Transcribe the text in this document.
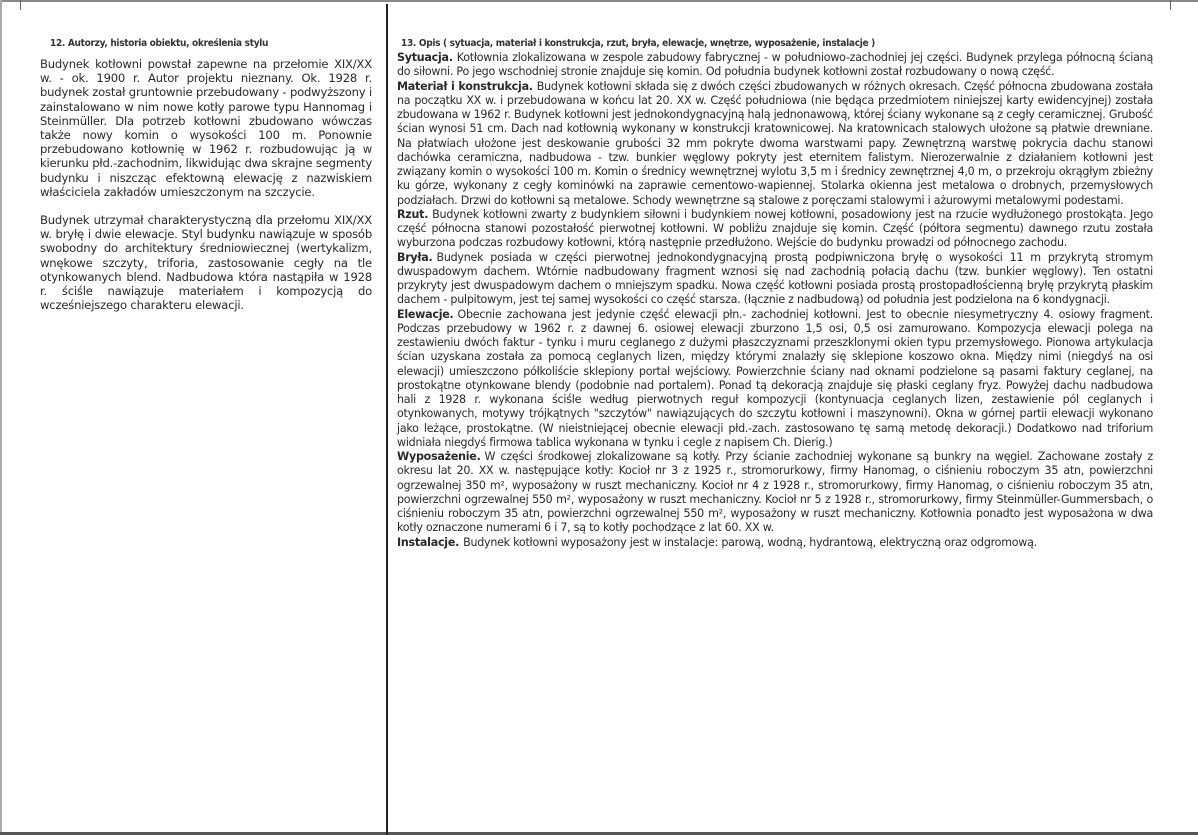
12. Autorzy, historia obiektu, określenia stylu

Budynek kotłowni powstał zapewne na przełomie XIX/XX w. - ok. 1900 r. Autor projektu nieznany. Ok. 1928 r. budynek został gruntownie przebudowany - podwyższony i zainstalowano w nim nowe kotły parowe typu Hannomag i Steinmüller. Dla potrzeb kotłowni zbudowano wówczas także nowy komin o wysokości 100 m. Ponownie przebudowano kotłownię w 1962 r. rozbudowując ją w kierunku płd.-zachodnim, likwidując dwa skrajne segmenty budynku i niszcząc efektowną elewację z nazwiskiem właściciela zakładów umieszczonym na szczycie.

Budynek utrzymał charakterystyczną dla przełomu XIX/XX w. bryłę i dwie elewacje. Styl budynku nawiązuje w sposób swobodny do architektury średniowiecznej (wertykalizm, wnękowe szczyty, triforia, zastosowanie cegły na tle otynkowanych blend. Nadbudowa która nastąpiła w 1928 r. ściśle nawiązuje materiałem i kompozycją do wcześniejszego charakteru elewacji.

13. Opis ( sytuacja, materiał i konstrukcja, rzut, bryła, elewacje, wnętrze, wyposażenie, instalacje )
Sytuacja. Kotłownia zlokalizowana w zespole zabudowy fabrycznej - w południowo-zachodniej jej części. Budynek przylega północną ścianą do siłowni. Po jego wschodniej stronie znajduje się komin. Od południa budynek kotłowni został rozbudowany o nową część.
Materiał i konstrukcja. Budynek kotłowni składa się z dwóch części zbudowanych w różnych okresach. Część północna zbudowana została na początku XX w. i przebudowana w końcu lat 20. XX w. Część południowa (nie będąca przedmiotem niniejszej karty ewidencyjnej) została zbudowana w 1962 r. Budynek kotłowni jest jednokondygnacyjną halą jednonawową, której ściany wykonane są z cegły ceramicznej. Grubość ścian wynosi 51 cm. Dach nad kotłownią wykonany w konstrukcji kratownicowej. Na kratownicach stalowych ułożone są płatwie drewniane. Na płatwiach ułożone jest deskowanie grubości 32 mm pokryte dwoma warstwami papy. Zewnętrzną warstwę pokrycia dachu stanowi dachówka ceramiczna, nadbudowa - tzw. bunkier węglowy pokryty jest eternitem falistym. Nierozerwalnie z działaniem kotłowni jest związany komin o wysokości 100 m. Komin o średnicy wewnętrznej wylotu 3,5 m i średnicy zewnętrznej 4,0 m, o przekroju okrągłym zbieżny ku górze, wykonany z cegły kominówki na zaprawie cementowo-wapiennej. Stolarka okienna jest metalowa o drobnych, przemysłowych podziałach. Drzwi do kotłowni są metalowe. Schody wewnętrzne są stalowe z poręczami stalowymi i ażurowymi metalowymi podestami.
Rzut. Budynek kotłowni zwarty z budynkiem siłowni i budynkiem nowej kotłowni, posadowiony jest na rzucie wydłużonego prostokąta. Jego część północna stanowi pozostałość pierwotnej kotłowni. W pobliżu znajduje się komin. Część (półtora segmentu) dawnego rzutu została wyburzona podczas rozbudowy kotłowni, którą następnie przedłużono. Wejście do budynku prowadzi od północnego zachodu.
Bryła. Budynek posiada w części pierwotnej jednokondygnacyjną prostą podpiwniczona bryłę o wysokości 11 m przykrytą stromym dwuspadowym dachem. Wtórnie nadbudowany fragment wznosi się nad zachodnią połacią dachu (tzw. bunkier węglowy). Ten ostatni przykryty jest dwuspadowym dachem o mniejszym spadku. Nowa część kotłowni posiada prostą prostopadłościenną bryłę przykrytą płaskim dachem - pulpitowym, jest tej samej wysokości co część starsza. (łącznie z nadbudową) od południa jest podzielona na 6 kondygnacji.
Elewacje. Obecnie zachowana jest jedynie część elewacji płn.- zachodniej kotłowni. Jest to obecnie niesymetryczny 4. osiowy fragment. Podczas przebudowy w 1962 r. z dawnej 6. osiowej elewacji zburzono 1,5 osi, 0,5 osi zamurowano. Kompozycja elewacji polega na zestawieniu dwóch faktur - tynku i muru ceglanego z dużymi płaszczyznami przeszklonymi okien typu przemysłowego. Pionowa artykulacja ścian uzyskana została za pomocą ceglanych lizen, między którymi znalazły się sklepione koszowo okna. Między nimi (niegdyś na osi elewacji) umieszczono półkoliście sklepiony portal wejściowy. Powierzchnie ściany nad oknami podzielone są pasami faktury ceglanej, na prostokątne otynkowane blendy (podobnie nad portalem). Ponad tą dekoracją znajduje się płaski ceglany fryz. Powyżej dachu nadbudowa hali z 1928 r. wykonana ściśle według pierwotnych reguł kompozycji (kontynuacja ceglanych lizen, zestawienie pól ceglanych i otynkowanych, motywy trójkątnych "szczytów" nawiązujących do szczytu kotłowni i maszynowni). Okna w górnej partii elewacji wykonano jako leżące, prostokątne. (W nieistniejącej obecnie elewacji płd.-zach. zastosowano tę samą metodę dekoracji.) Dodatkowo nad triforium widniała niegdyś firmowa tablica wykonana w tynku i cegle z napisem Ch. Dierig.)
Wyposażenie. W części środkowej zlokalizowane są kotły. Przy ścianie zachodniej wykonane są bunkry na węgiel. Zachowane zostały z okresu lat 20. XX w. następujące kotły: Kocioł nr 3 z 1925 r., stromorurkowy, firmy Hanomag, o ciśnieniu roboczym 35 atn, powierzchni ogrzewalnej 350 m², wyposażony w ruszt mechaniczny. Kocioł nr 4 z 1928 r., stromorurkowy, firmy Hanomag, o ciśnieniu roboczym 35 atn, powierzchni ogrzewalnej 550 m², wyposażony w ruszt mechaniczny. Kocioł nr 5 z 1928 r., stromorurkowy, firmy Steinmüller-Gummersbach, o ciśnieniu roboczym 35 atn, powierzchni ogrzewalnej 550 m², wyposażony w ruszt mechaniczny. Kotłownia ponadto jest wyposażona w dwa kotły oznaczone numerami 6 i 7, są to kotły pochodzące z lat 60. XX w.
Instalacje. Budynek kotłowni wyposażony jest w instalacje: parową, wodną, hydrantową, elektryczną oraz odgromową.
